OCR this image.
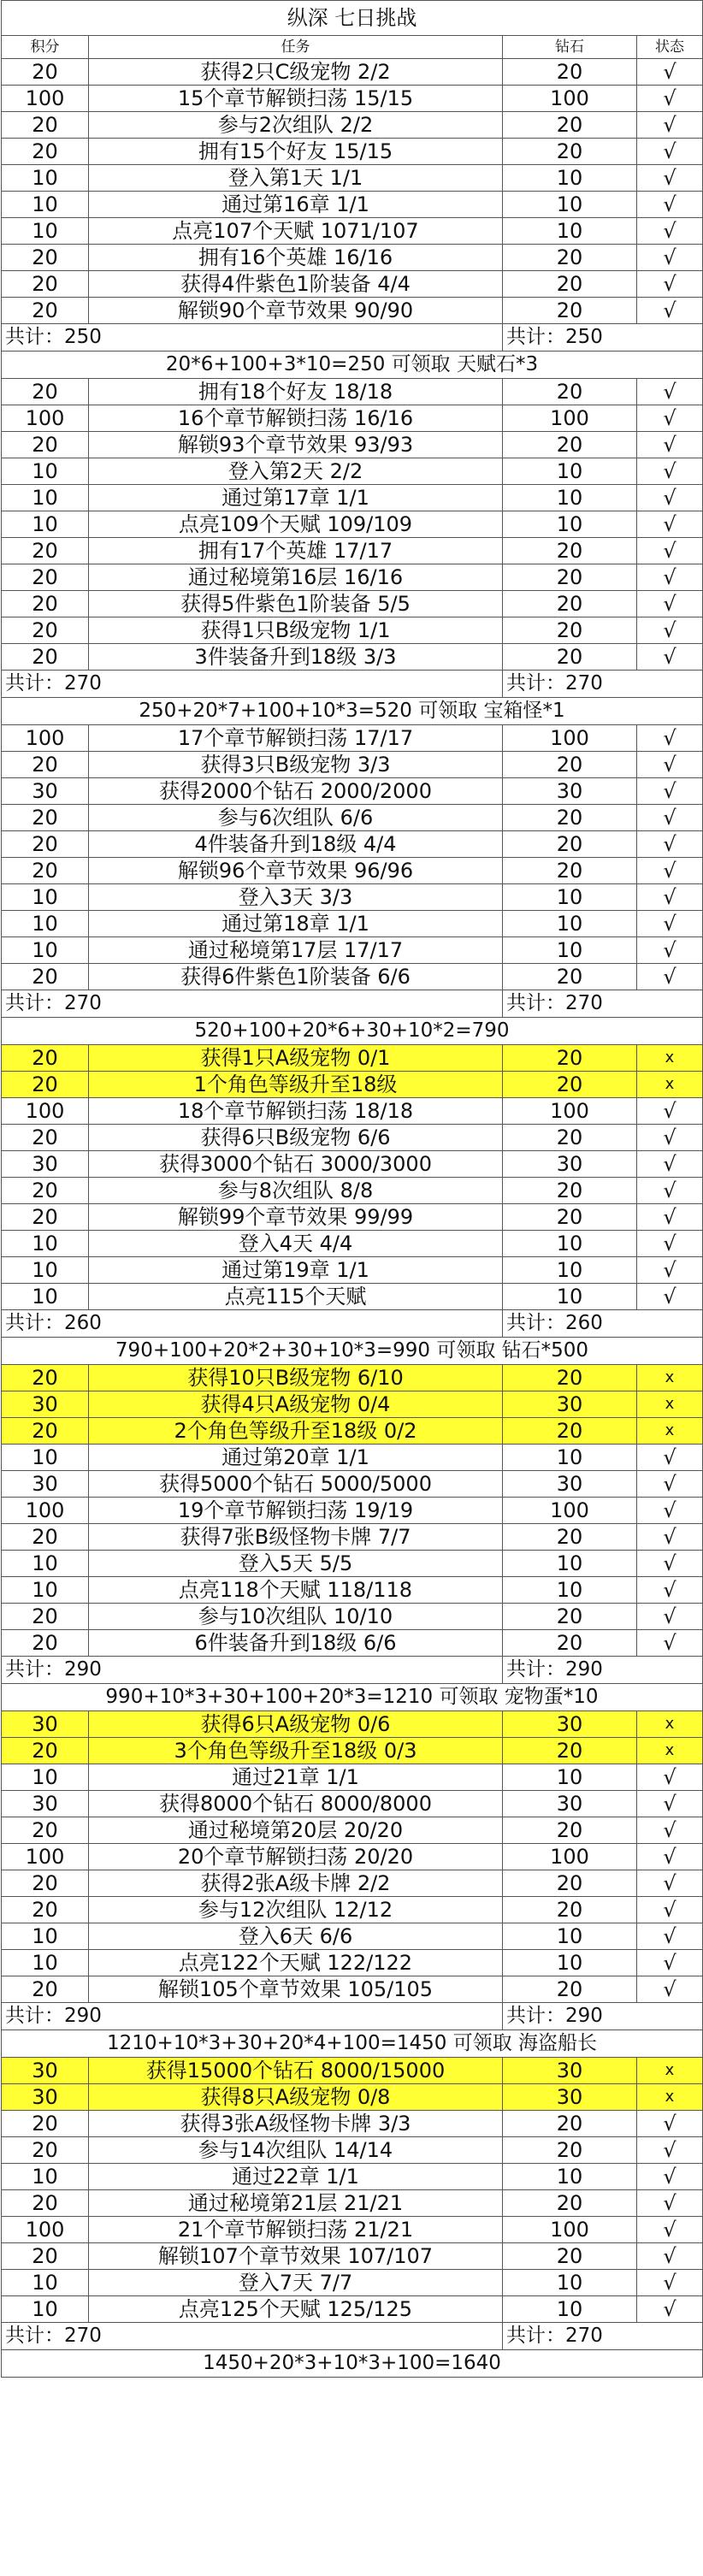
纵深 七日挑战			
积分	任务	钻石	状态
20	获得2只C级宠物 2/2	20	√
100	15个章节解锁扫荡 15/15	100	√
20	参与2次组队 2/2	20	√
20	拥有15个好友 15/15	20	√
10	登入第1天 1/1	10	√
10	通过第16章 1/1	10	√
10	点亮107个天赋 1071/107	10	√
20	拥有16个英雄 16/16	20	√
20	获得4件紫色1阶装备 4/4	20	√
20	解锁90个章节效果 90/90	20	√
共计：250		共计：250	
20*6+100+3*10=250 可领取 天赋石*3			
20	拥有18个好友 18/18	20	√
100	16个章节解锁扫荡 16/16	100	√
20	解锁93个章节效果 93/93	20	√
10	登入第2天 2/2	10	√
10	通过第17章 1/1	10	√
10	点亮109个天赋 109/109	10	√
20	拥有17个英雄 17/17	20	√
20	通过秘境第16层 16/16	20	√
20	获得5件紫色1阶装备 5/5	20	√
20	获得1只B级宠物 1/1	20	√
20	3件装备升到18级 3/3	20	√
共计：270		共计：270	
250+20*7+100+10*3=520 可领取 宝箱怪*1			
100	17个章节解锁扫荡 17/17	100	√
20	获得3只B级宠物 3/3	20	√
30	获得2000个钻石 2000/2000	30	√
20	参与6次组队 6/6	20	√
20	4件装备升到18级 4/4	20	√
20	解锁96个章节效果 96/96	20	√
10	登入3天 3/3	10	√
10	通过第18章 1/1	10	√
10	通过秘境第17层 17/17	10	√
20	获得6件紫色1阶装备 6/6	20	√
共计：270		共计：270	
520+100+20*6+30+10*2=790			
20	获得1只A级宠物 0/1	20	x
20	1个角色等级升至18级	20	x
100	18个章节解锁扫荡 18/18	100	√
20	获得6只B级宠物 6/6	20	√
30	获得3000个钻石 3000/3000	30	√
20	参与8次组队 8/8	20	√
20	解锁99个章节效果 99/99	20	√
10	登入4天 4/4	10	√
10	通过第19章 1/1	10	√
10	点亮115个天赋	10	√
共计：260		共计：260	
790+100+20*2+30+10*3=990 可领取 钻石*500			
20	获得10只B级宠物 6/10	20	x
30	获得4只A级宠物 0/4	30	x
20	2个角色等级升至18级 0/2	20	x
10	通过第20章 1/1	10	√
30	获得5000个钻石 5000/5000	30	√
100	19个章节解锁扫荡 19/19	100	√
20	获得7张B级怪物卡牌 7/7	20	√
10	登入5天 5/5	10	√
10	点亮118个天赋 118/118	10	√
20	参与10次组队 10/10	20	√
20	6件装备升到18级 6/6	20	√
共计：290		共计：290	
990+10*3+30+100+20*3=1210 可领取 宠物蛋*10			
30	获得6只A级宠物 0/6	30	x
20	3个角色等级升至18级 0/3	20	x
10	通过21章 1/1	10	√
30	获得8000个钻石 8000/8000	30	√
20	通过秘境第20层 20/20	20	√
100	20个章节解锁扫荡 20/20	100	√
20	获得2张A级卡牌 2/2	20	√
20	参与12次组队 12/12	20	√
10	登入6天 6/6	10	√
10	点亮122个天赋 122/122	10	√
20	解锁105个章节效果 105/105	20	√
共计：290		共计：290	
1210+10*3+30+20*4+100=1450 可领取 海盗船长			
30	获得15000个钻石 8000/15000	30	x
30	获得8只A级宠物 0/8	30	x
20	获得3张A级怪物卡牌 3/3	20	√
20	参与14次组队 14/14	20	√
10	通过22章 1/1	10	√
20	通过秘境第21层 21/21	20	√
100	21个章节解锁扫荡 21/21	100	√
20	解锁107个章节效果 107/107	20	√
10	登入7天 7/7	10	√
10	点亮125个天赋 125/125	10	√
共计：270		共计：270	
1450+20*3+10*3+100=1640			
